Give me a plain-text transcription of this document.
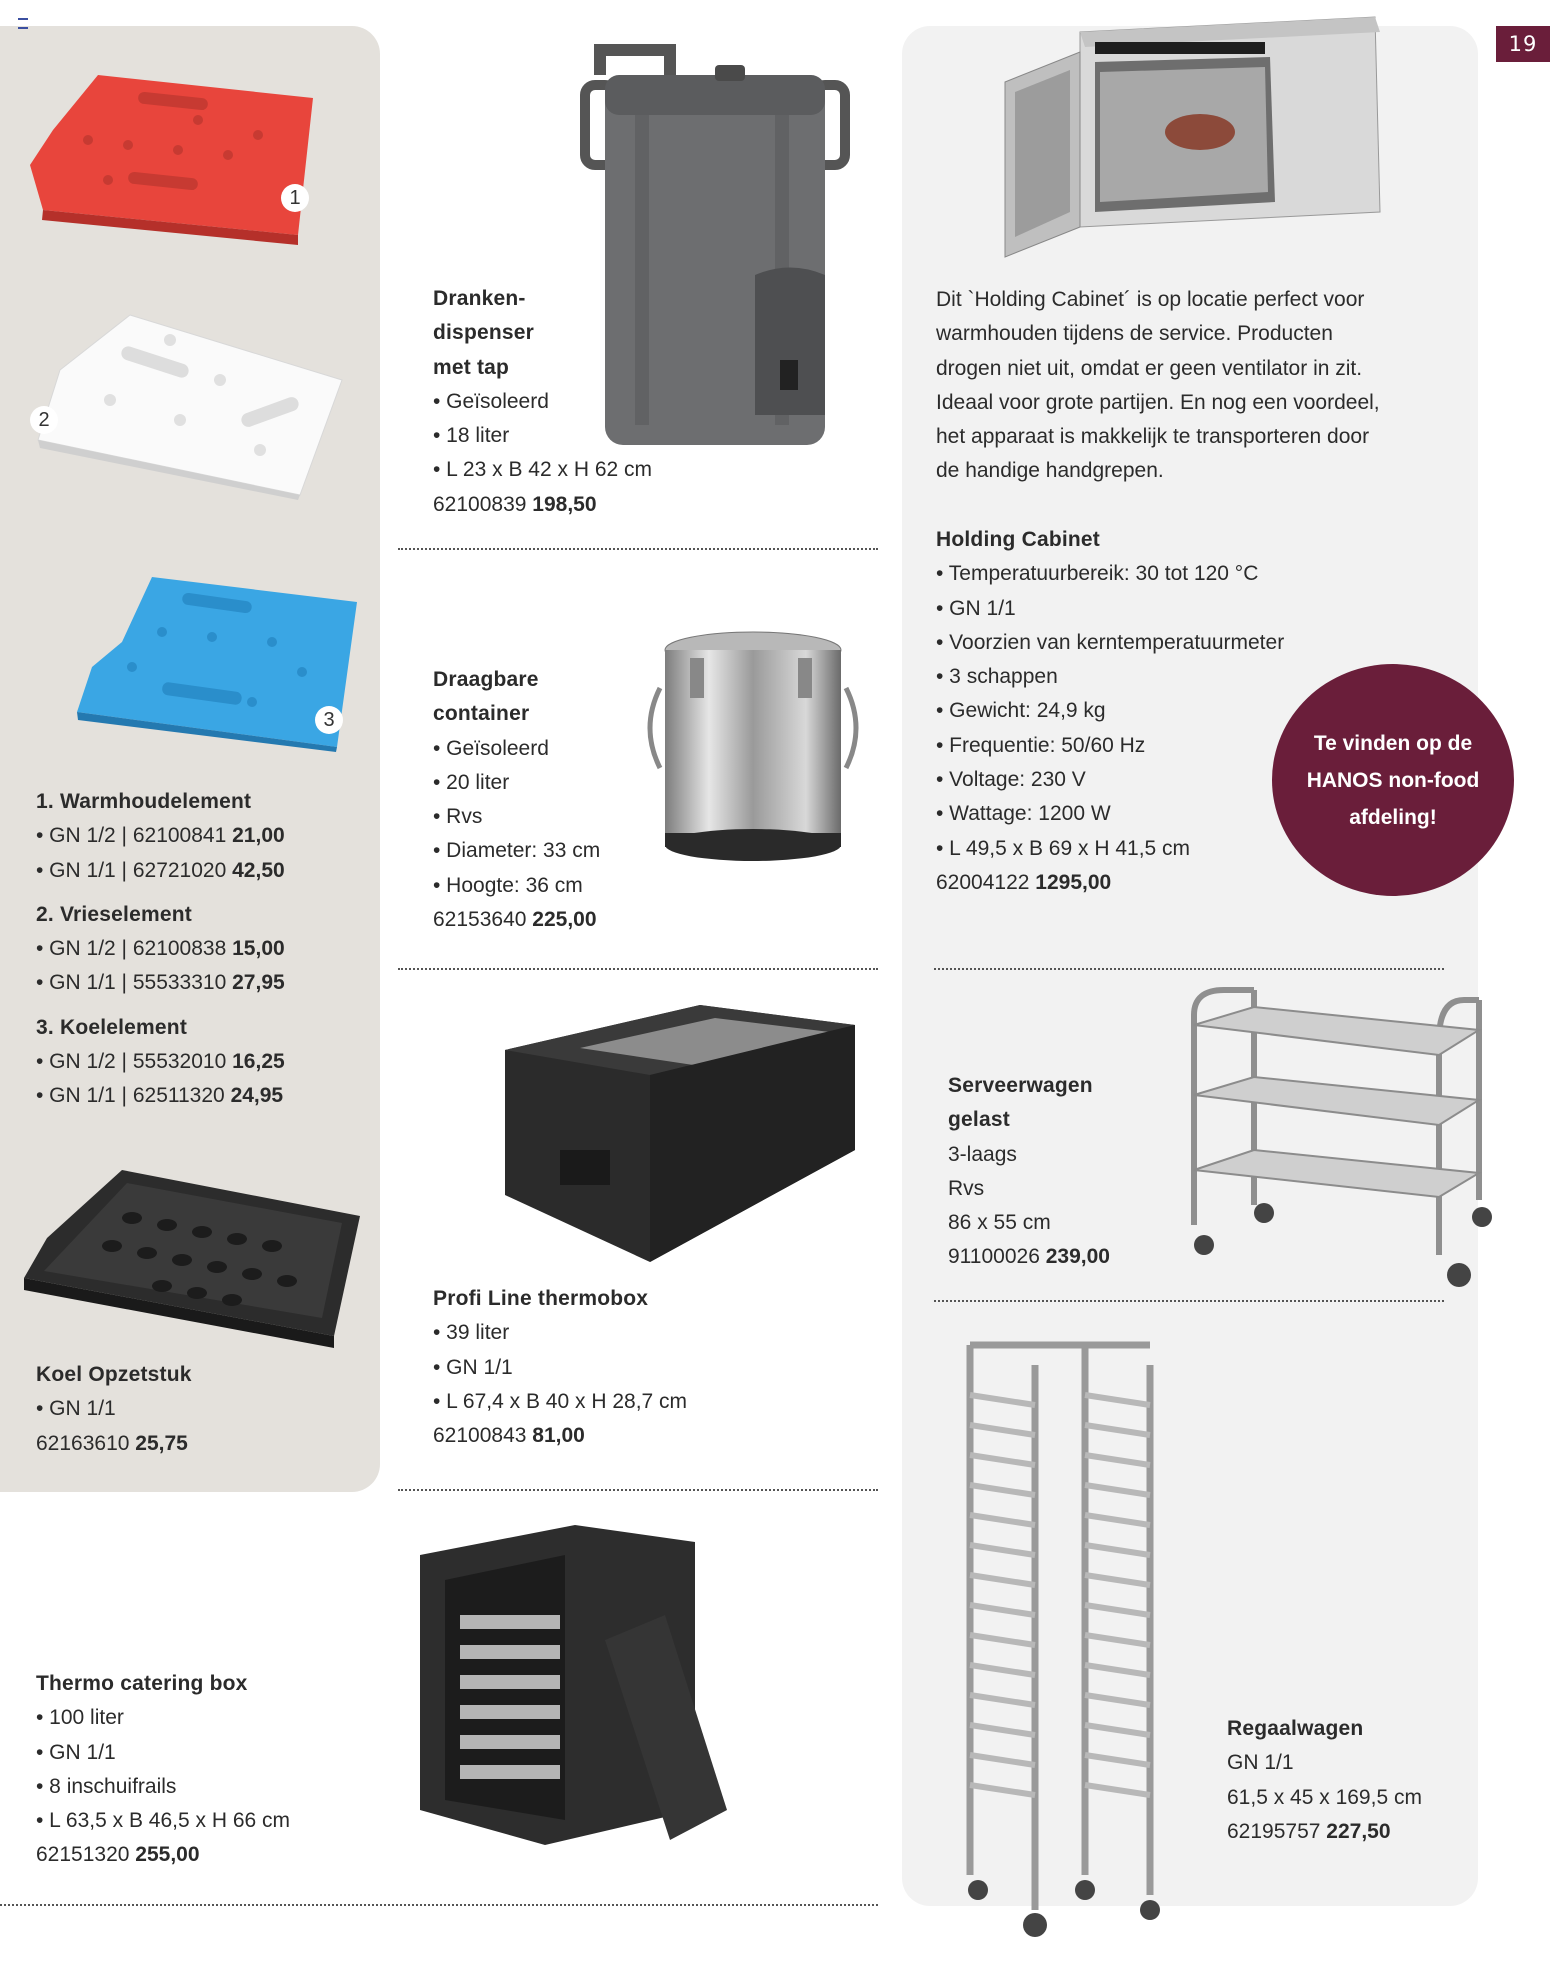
19
1
2
3
1. Warmhoudelement
• GN 1/2 | 62100841 21,00
• GN 1/1 | 62721020 42,50
2. Vrieselement
• GN 1/2 | 62100838 15,00
• GN 1/1 | 55533310 27,95
3. Koelelement
• GN 1/2 | 55532010 16,25
• GN 1/1 | 62511320 24,95
Koel Opzetstuk
• GN 1/1
62163610 25,75
Dranken-
dispenser
met tap
• Geïsoleerd
• 18 liter
• L 23 x B 42 x H 62 cm
62100839 198,50
Draagbare
container
• Geïsoleerd
• 20 liter
• Rvs
• Diameter: 33 cm
• Hoogte: 36 cm
62153640 225,00
Profi Line thermobox
• 39 liter
• GN 1/1
• L 67,4 x B 40 x H 28,7 cm
62100843 81,00
Thermo catering box
• 100 liter
• GN 1/1
• 8 inschuifrails
• L 63,5 x B 46,5 x H 66 cm
62151320 255,00
Dit `Holding Cabinet´ is op locatie perfect voor
warmhouden tijdens de service. Producten
drogen niet uit, omdat er geen ventilator in zit.
Ideaal voor grote partijen. En nog een voordeel,
het apparaat is makkelijk te transporteren door
de handige handgrepen.
Holding Cabinet
• Temperatuurbereik: 30 tot 120 °C
• GN 1/1
• Voorzien van kerntemperatuurmeter
• 3 schappen
• Gewicht: 24,9 kg
• Frequentie: 50/60 Hz
• Voltage: 230 V
• Wattage: 1200 W
• L 49,5 x B 69 x H 41,5 cm
62004122 1295,00
Te vinden op de
HANOS non-food
afdeling!
Serveerwagen
gelast
3-laags
Rvs
86 x 55 cm
91100026 239,00
Regaalwagen
GN 1/1
61,5 x 45 x 169,5 cm
62195757 227,50
